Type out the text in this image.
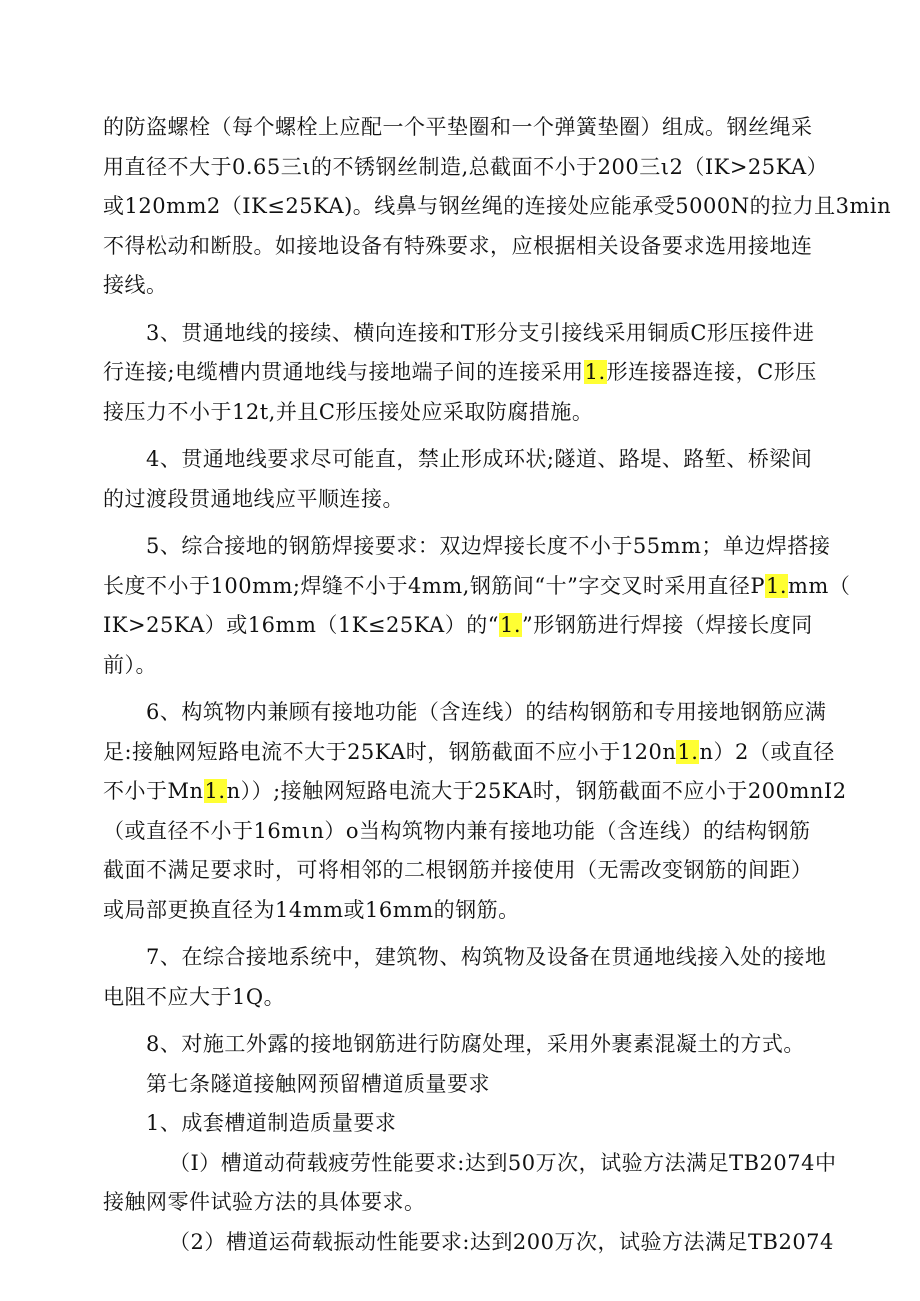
的防盗螺栓（每个螺栓上应配一个平垫圈和一个弹簧垫圈）组成。钢丝绳采
用直径不大于0.65三ι的不锈钢丝制造,总截面不小于200三ι2（IK>25KA）
或120mm2（IK≤25KA)。线鼻与钢丝绳的连接处应能承受5000N的拉力且3min
不得松动和断股。如接地设备有特殊要求，应根据相关设备要求选用接地连
接线。
3、贯通地线的接续、横向连接和T形分支引接线采用铜质C形压接件进
行连接;电缆槽内贯通地线与接地端子间的连接采用1.形连接器连接，C形压
接压力不小于12t,并且C形压接处应采取防腐措施。
4、贯通地线要求尽可能直，禁止形成环状;隧道、路堤、路堑、桥梁间
的过渡段贯通地线应平顺连接。
5、综合接地的钢筋焊接要求：双边焊接长度不小于55mm；单边焊搭接
长度不小于100mm;焊缝不小于4mm,钢筋间“十”字交叉时采用直径P1.mm（
IK>25KA）或16mm（1K≤25KA）的“1.”形钢筋进行焊接（焊接长度同
前）。
6、构筑物内兼顾有接地功能（含连线）的结构钢筋和专用接地钢筋应满
足:接触网短路电流不大于25KA时，钢筋截面不应小于120n1.n）2（或直径
不小于Mn1.n））;接触网短路电流大于25KA时，钢筋截面不应小于200mnI2
（或直径不小于16mιn）o当构筑物内兼有接地功能（含连线）的结构钢筋
截面不满足要求时，可将相邻的二根钢筋并接使用（无需改变钢筋的间距）
或局部更换直径为14mm或16mm的钢筋。
7、在综合接地系统中，建筑物、构筑物及设备在贯通地线接入处的接地
电阻不应大于1Q。
8、对施工外露的接地钢筋进行防腐处理，采用外裹素混凝土的方式。
第七条隧道接触网预留槽道质量要求
1、成套槽道制造质量要求
（I）槽道动荷载疲劳性能要求:达到50万次，试验方法满足TB2074中
接触网零件试验方法的具体要求。
（2）槽道运荷载振动性能要求:达到200万次，试验方法满足TB2074
